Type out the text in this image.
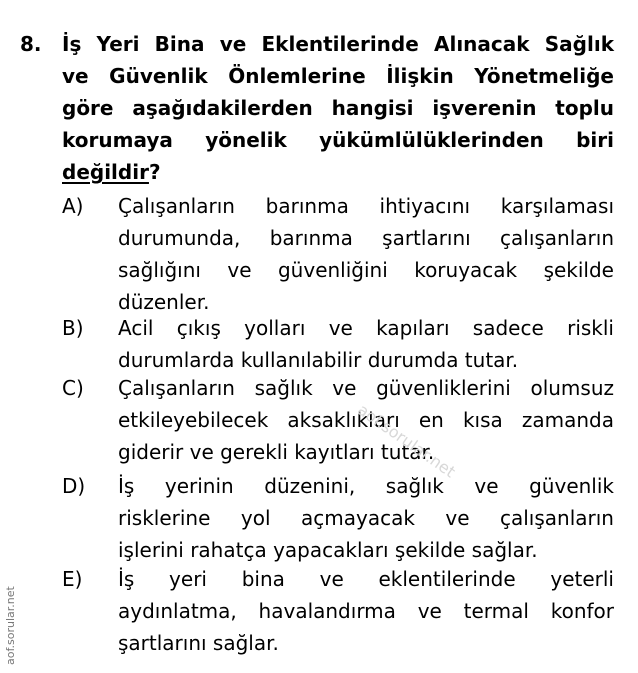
8. İş Yeri Bina ve Eklentilerinde Alınacak Sağlık
ve Güvenlik Önlemlerine İlişkin Yönetmeliğe
göre aşağıdakilerden hangisi işverenin toplu
korumaya yönelik yükümlülüklerinden biri
değildir?
A) Çalışanların barınma ihtiyacını karşılaması
durumunda, barınma şartlarını çalışanların
sağlığını ve güvenliğini koruyacak şekilde
düzenler.
B) Acil çıkış yolları ve kapıları sadece riskli
durumlarda kullanılabilir durumda tutar.
C) Çalışanların sağlık ve güvenliklerini olumsuz
etkileyebilecek aksaklıkları en kısa zamanda
giderir ve gerekli kayıtları tutar.
D) İş yerinin düzenini, sağlık ve güvenlik
risklerine yol açmayacak ve çalışanların
işlerini rahatça yapacakları şekilde sağlar.
E) İş yeri bina ve eklentilerinde yeterli
aydınlatma, havalandırma ve termal konfor
şartlarını sağlar.
aof.sorular.net
aof.sorular.net
